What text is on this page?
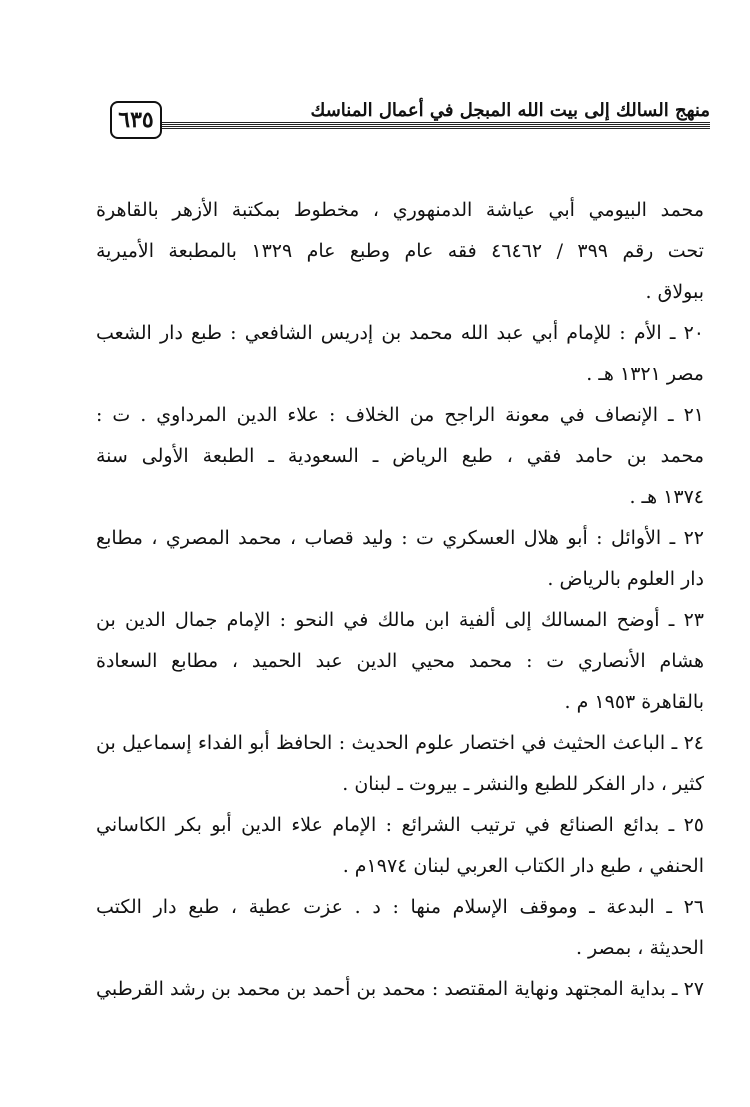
منهج السالك إلى بيت الله المبجل في أعمال المناسك
٦٣٥
محمد البيومي أبي عياشة الدمنهوري ، مخطوط بمكتبة الأزهر بالقاهرة
تحت رقم ٣٩٩ / ٤٦٤٦٢ فقه عام وطبع عام ١٣٢٩ بالمطبعة الأميرية
ببولاق .
٢٠ ـ الأم : للإمام أبي عبد الله محمد بن إدريس الشافعي : طبع دار الشعب
مصر ١٣٢١ هـ .
٢١ ـ الإنصاف في معونة الراجح من الخلاف : علاء الدين المرداوي . ت :
محمد بن حامد فقي ، طبع الرياض ـ السعودية ـ الطبعة الأولى سنة
١٣٧٤ هـ .
٢٢ ـ الأوائل : أبو هلال العسكري ت : وليد قصاب ، محمد المصري ، مطابع
دار العلوم بالرياض .
٢٣ ـ أوضح المسالك إلى ألفية ابن مالك في النحو : الإمام جمال الدين بن
هشام الأنصاري ت : محمد محيي الدين عبد الحميد ، مطابع السعادة
بالقاهرة ١٩٥٣ م .
٢٤ ـ الباعث الحثيث في اختصار علوم الحديث : الحافظ أبو الفداء إسماعيل بن
كثير ، دار الفكر للطبع والنشر ـ بيروت ـ لبنان .
٢٥ ـ بدائع الصنائع في ترتيب الشرائع : الإمام علاء الدين أبو بكر الكاساني
الحنفي ، طبع دار الكتاب العربي لبنان ١٩٧٤م .
٢٦ ـ البدعة ـ وموقف الإسلام منها : د . عزت عطية ، طبع دار الكتب
الحديثة ، بمصر .
٢٧ ـ بداية المجتهد ونهاية المقتصد : محمد بن أحمد بن محمد بن رشد القرطبي
